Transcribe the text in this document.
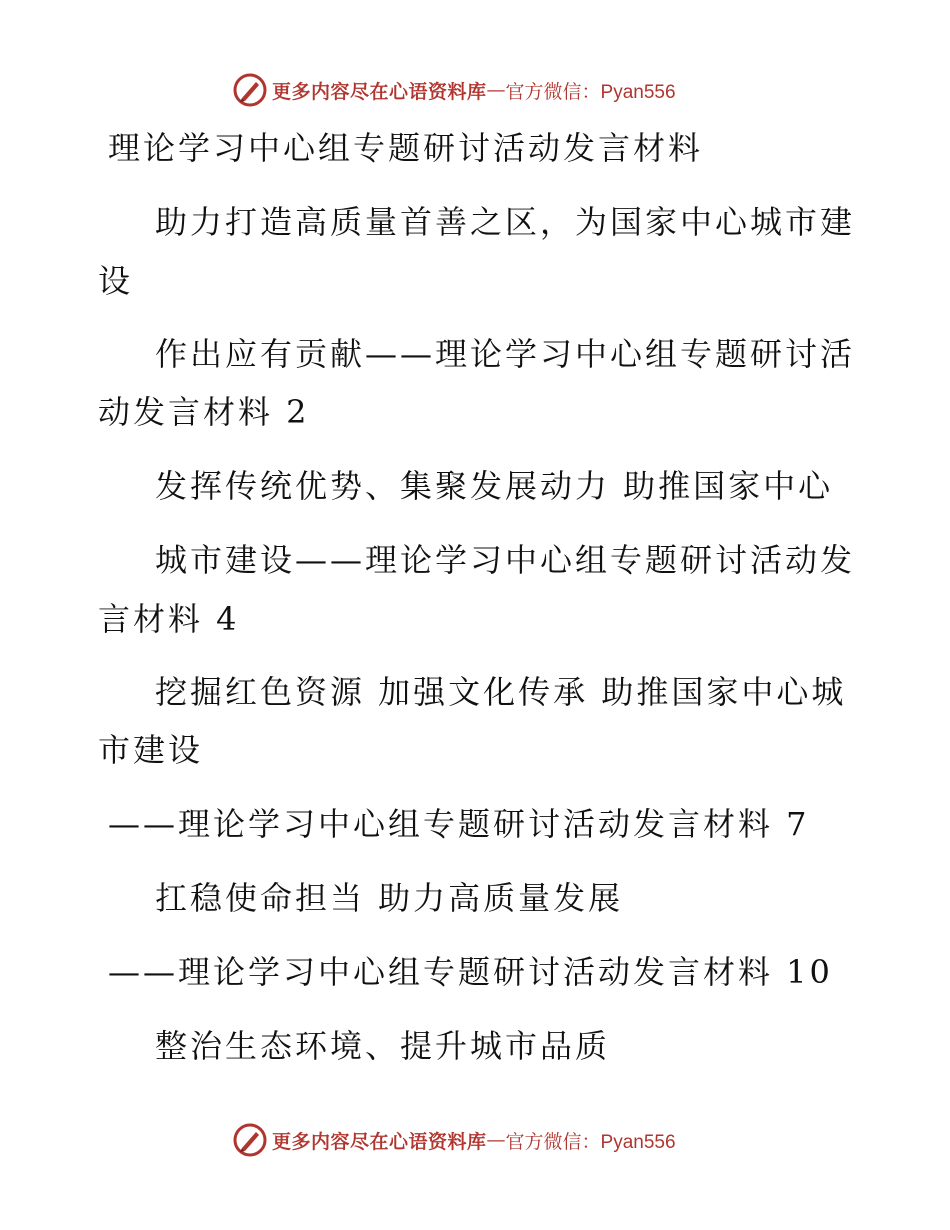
更多内容尽在心语资料库 — 官方微信：Pyan556
理论学习中心组专题研讨活动发言材料
助力打造高质量首善之区，为国家中心城市建
设
作出应有贡献——理论学习中心组专题研讨活
动发言材料 2
发挥传统优势、集聚发展动力 助推国家中心
城市建设——理论学习中心组专题研讨活动发
言材料 4
挖掘红色资源 加强文化传承 助推国家中心城
市建设
——理论学习中心组专题研讨活动发言材料 7
扛稳使命担当 助力高质量发展
——理论学习中心组专题研讨活动发言材料 10
整治生态环境、提升城市品质
更多内容尽在心语资料库 — 官方微信：Pyan556
